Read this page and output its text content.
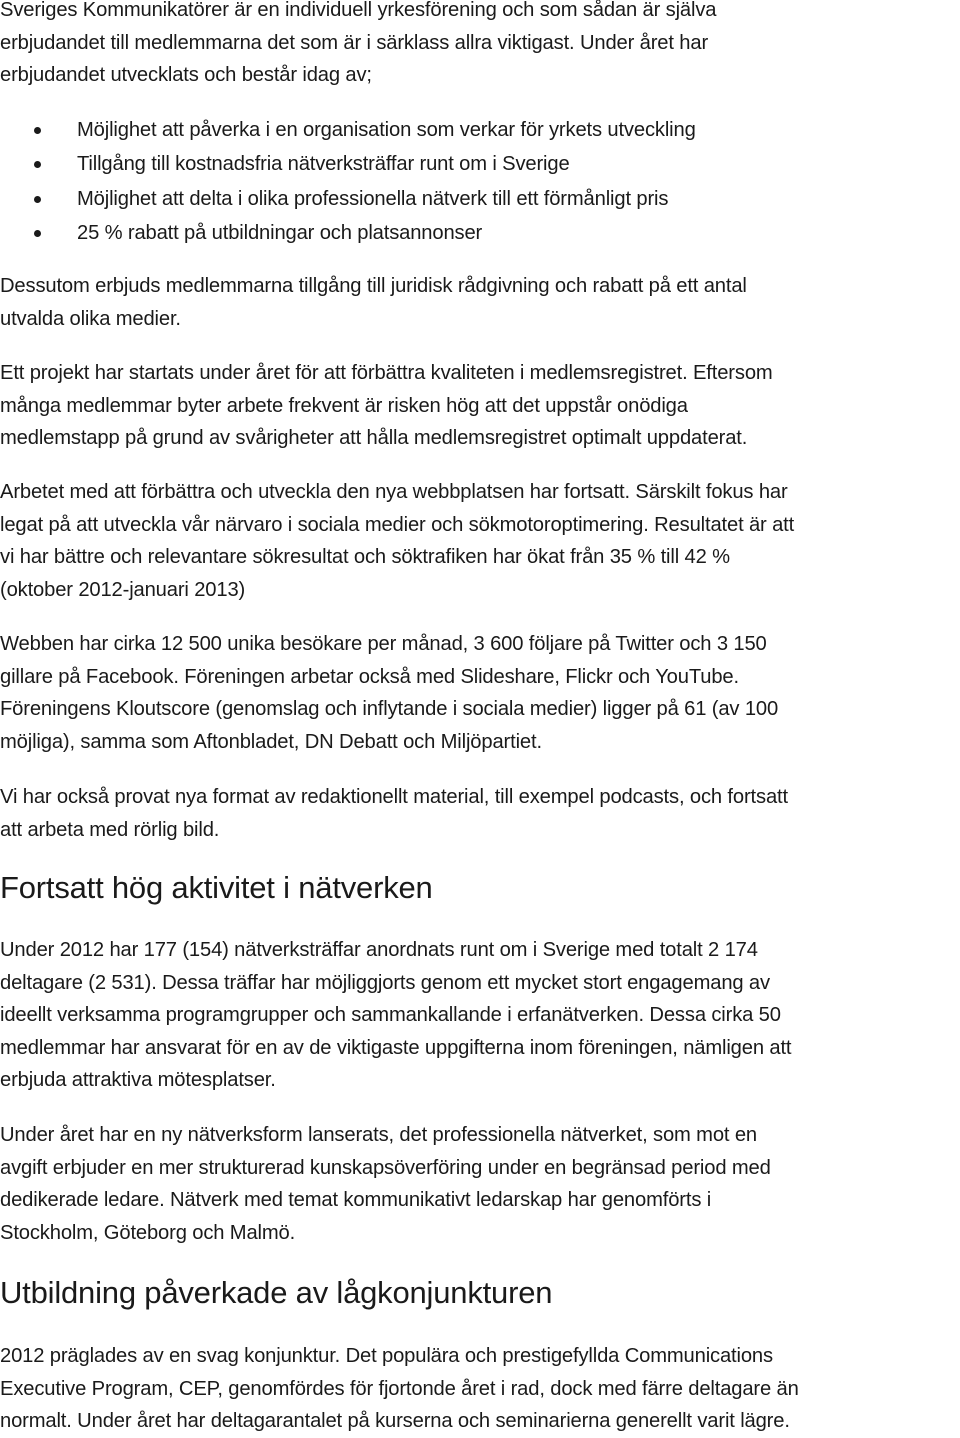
Sveriges Kommunikatörer är en individuell yrkesförening och som sådan är själva
erbjudandet till medlemmarna det som är i särklass allra viktigast. Under året har
erbjudandet utvecklats och består idag av;

Möjlighet att påverka i en organisation som verkar för yrkets utveckling
Tillgång till kostnadsfria nätverksträffar runt om i Sverige
Möjlighet att delta i olika professionella nätverk till ett förmånligt pris
25 % rabatt på utbildningar och platsannonser

Dessutom erbjuds medlemmarna tillgång till juridisk rådgivning och rabatt på ett antal
utvalda olika medier.

Ett projekt har startats under året för att förbättra kvaliteten i medlemsregistret. Eftersom
många medlemmar byter arbete frekvent är risken hög att det uppstår onödiga
medlemstapp på grund av svårigheter att hålla medlemsregistret optimalt uppdaterat.

Arbetet med att förbättra och utveckla den nya webbplatsen har fortsatt. Särskilt fokus har
legat på att utveckla vår närvaro i sociala medier och sökmotoroptimering. Resultatet är att
vi har bättre och relevantare sökresultat och söktrafiken har ökat från 35 % till 42 %
(oktober 2012-januari 2013)

Webben har cirka 12 500 unika besökare per månad, 3 600 följare på Twitter och 3 150
gillare på Facebook. Föreningen arbetar också med Slideshare, Flickr och YouTube.
Föreningens Kloutscore (genomslag och inflytande i sociala medier) ligger på 61 (av 100
möjliga), samma som Aftonbladet, DN Debatt och Miljöpartiet.

Vi har också provat nya format av redaktionellt material, till exempel podcasts, och fortsatt
att arbeta med rörlig bild.

Fortsatt hög aktivitet i nätverken

Under 2012 har 177 (154) nätverksträffar anordnats runt om i Sverige med totalt 2 174
deltagare (2 531). Dessa träffar har möjliggjorts genom ett mycket stort engagemang av
ideellt verksamma programgrupper och sammankallande i erfanätverken. Dessa cirka 50
medlemmar har ansvarat för en av de viktigaste uppgifterna inom föreningen, nämligen att
erbjuda attraktiva mötesplatser.

Under året har en ny nätverksform lanserats, det professionella nätverket, som mot en
avgift erbjuder en mer strukturerad kunskapsöverföring under en begränsad period med
dedikerade ledare. Nätverk med temat kommunikativt ledarskap har genomförts i
Stockholm, Göteborg och Malmö.

Utbildning påverkade av lågkonjunkturen

2012 präglades av en svag konjunktur. Det populära och prestigefyllda Communications
Executive Program, CEP, genomfördes för fjortonde året i rad, dock med färre deltagare än
normalt. Under året har deltagarantalet på kurserna och seminarierna generellt varit lägre.
